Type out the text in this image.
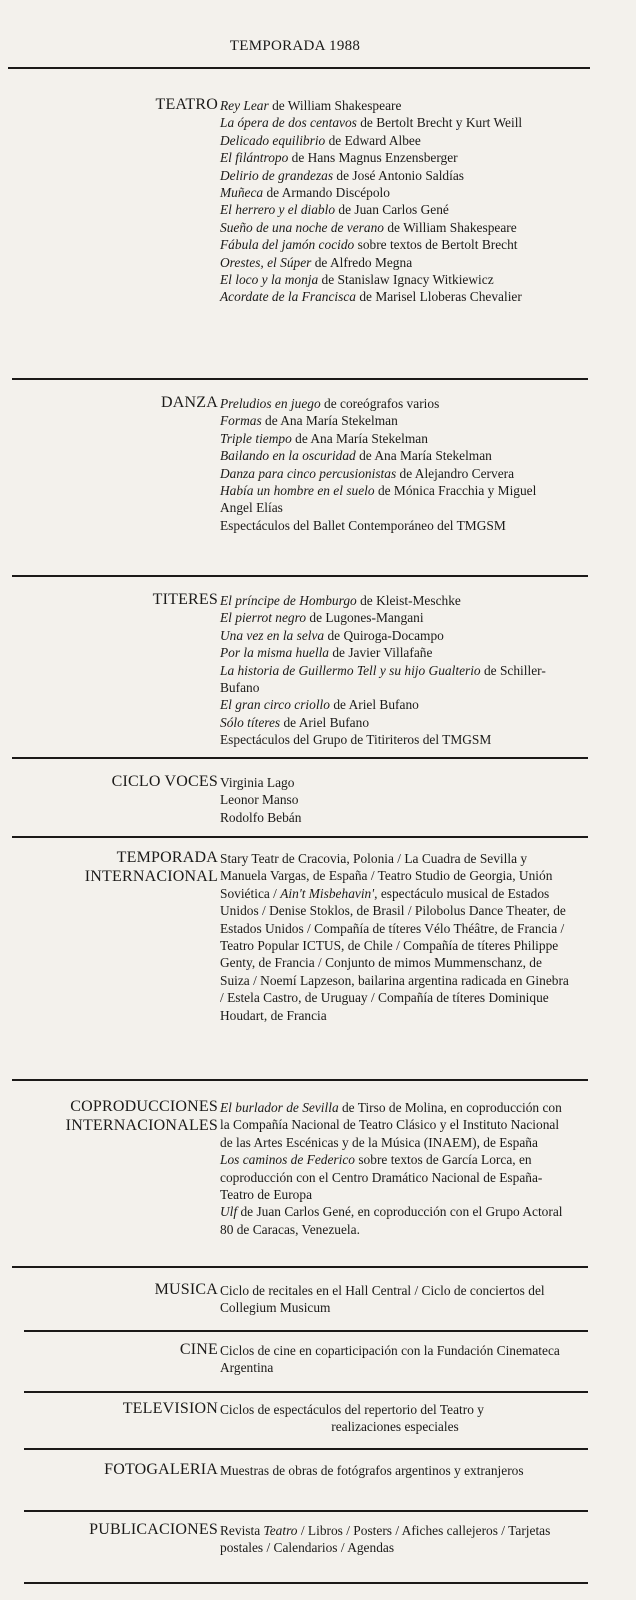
TEMPORADA 1988
TEATRO Rey Lear de William Shakespeare
La ópera de dos centavos de Bertolt Brecht y Kurt Weill
Delicado equilibrio de Edward Albee
El filántropo de Hans Magnus Enzensberger
Delirio de grandezas de José Antonio Saldías
Muñeca de Armando Discépolo
El herrero y el diablo de Juan Carlos Gené
Sueño de una noche de verano de William Shakespeare
Fábula del jamón cocido sobre textos de Bertolt Brecht
Orestes, el Súper de Alfredo Megna
El loco y la monja de Stanislaw Ignacy Witkiewicz
Acordate de la Francisca de Marisel Lloberas Chevalier
DANZA Preludios en juego de coreógrafos varios
Formas de Ana María Stekelman
Triple tiempo de Ana María Stekelman
Bailando en la oscuridad de Ana María Stekelman
Danza para cinco percusionistas de Alejandro Cervera
Había un hombre en el suelo de Mónica Fracchia y Miguel Angel Elías
Espectáculos del Ballet Contemporáneo del TMGSM
TITERES El príncipe de Homburgo de Kleist-Meschke
El pierrot negro de Lugones-Mangani
Una vez en la selva de Quiroga-Docampo
Por la misma huella de Javier Villafañe
La historia de Guillermo Tell y su hijo Gualterio de Schiller-Bufano
El gran circo criollo de Ariel Bufano
Sólo títeres de Ariel Bufano
Espectáculos del Grupo de Titiriteros del TMGSM
CICLO VOCES Virginia Lago
Leonor Manso
Rodolfo Bebán
TEMPORADA
INTERNACIONAL
Stary Teatr de Cracovia, Polonia / La Cuadra de Sevilla y Manuela Vargas, de España / Teatro Studio de Georgia, Unión Soviética / Ain't Misbehavin', espectáculo musical de Estados Unidos / Denise Stoklos, de Brasil / Pilobolus Dance Theater, de Estados Unidos / Compañía de títeres Vélo Théâtre, de Francia / Teatro Popular ICTUS, de Chile / Compañía de títeres Philippe Genty, de Francia / Conjunto de mimos Mummenschanz, de Suiza / Noemí Lapzeson, bailarina argentina radicada en Ginebra / Estela Castro, de Uruguay / Compañía de títeres Dominique Houdart, de Francia
COPRODUCCIONES
INTERNACIONALES
El burlador de Sevilla de Tirso de Molina, en coproducción con la Compañía Nacional de Teatro Clásico y el Instituto Nacional de las Artes Escénicas y de la Música (INAEM), de España
Los caminos de Federico sobre textos de García Lorca, en coproducción con el Centro Dramático Nacional de España-Teatro de Europa
Ulf de Juan Carlos Gené, en coproducción con el Grupo Actoral 80 de Caracas, Venezuela.
MUSICA Ciclo de recitales en el Hall Central / Ciclo de conciertos del Collegium Musicum
CINE Ciclos de cine en coparticipación con la Fundación Cinemateca Argentina
TELEVISION Ciclos de espectáculos del repertorio del Teatro y
realizaciones especiales
FOTOGALERIA Muestras de obras de fotógrafos argentinos y extranjeros
PUBLICACIONES Revista Teatro / Libros / Posters / Afiches callejeros / Tarjetas postales / Calendarios / Agendas
